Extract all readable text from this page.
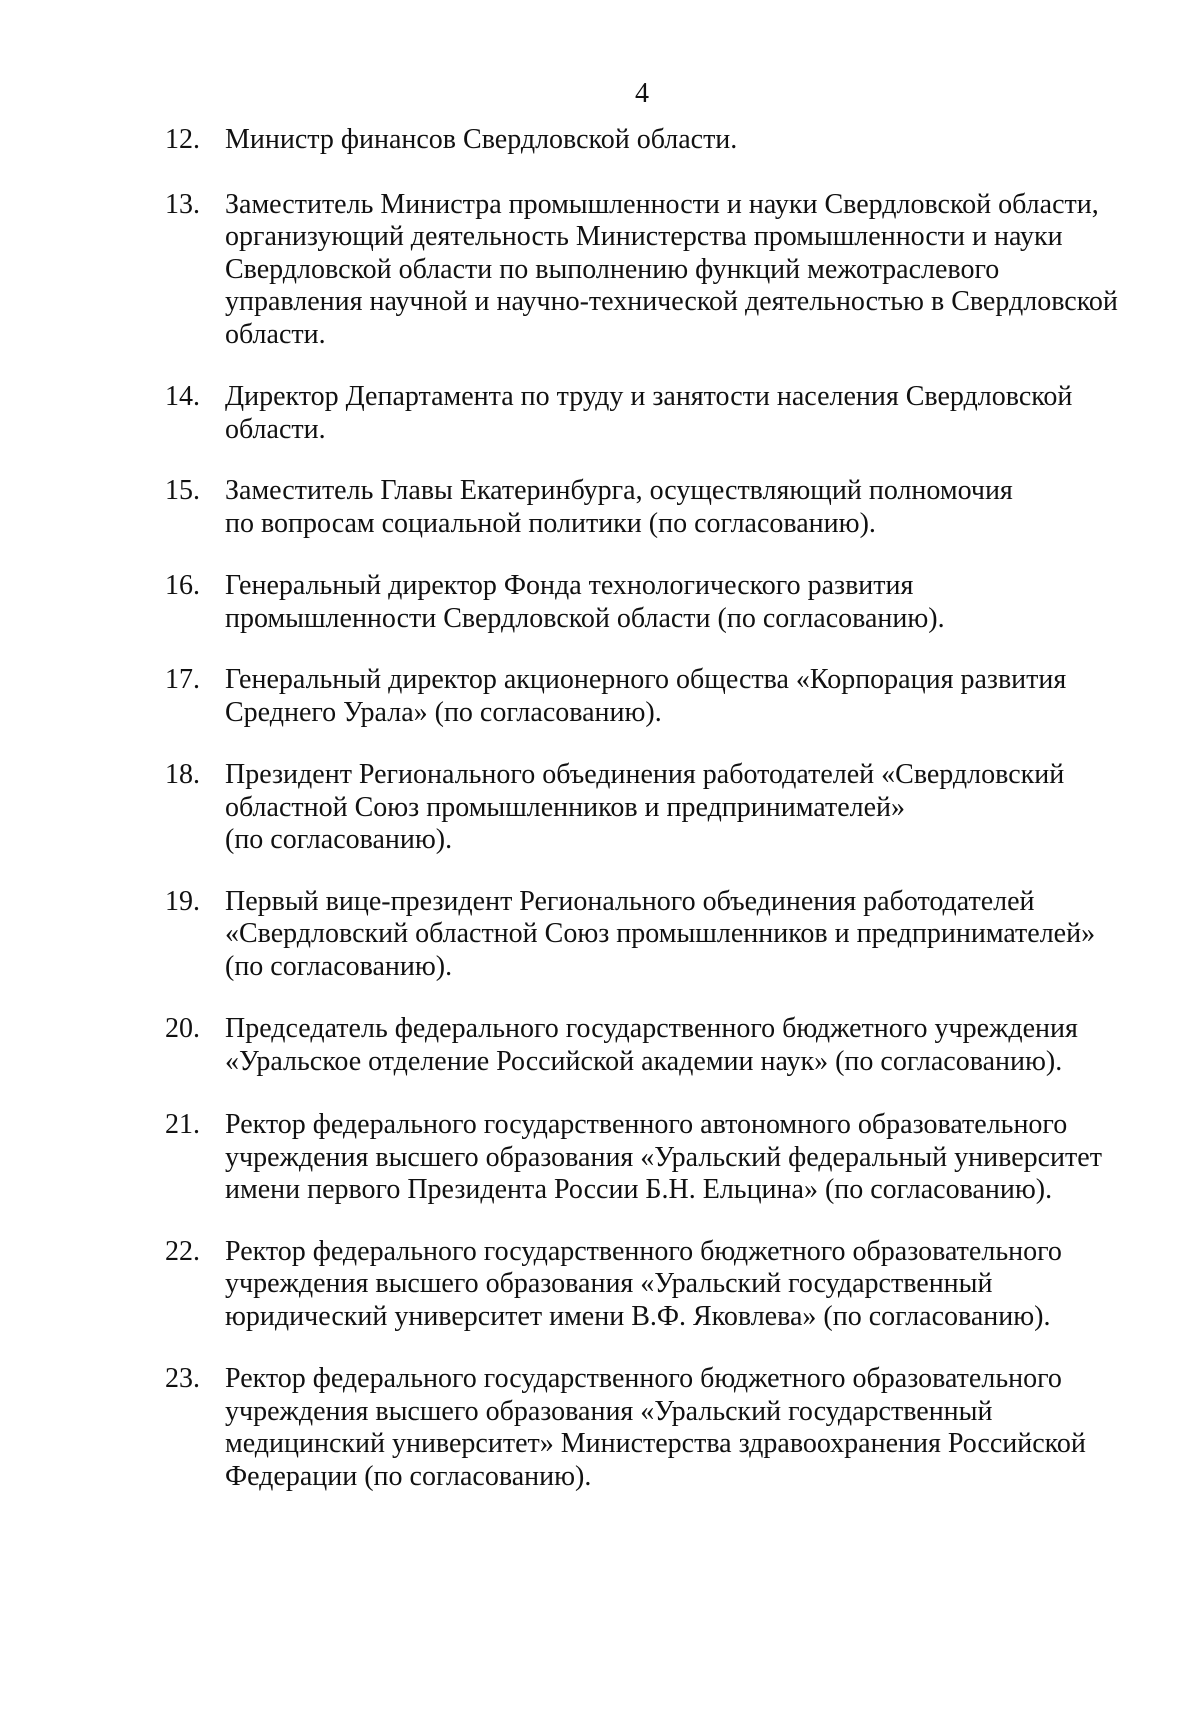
4
12. Министр финансов Свердловской области.
13. Заместитель Министра промышленности и науки Свердловской области,
организующий деятельность Министерства промышленности и науки
Свердловской области по выполнению функций межотраслевого
управления научной и научно-технической деятельностью в Свердловской
области.
14. Директор Департамента по труду и занятости населения Свердловской
области.
15. Заместитель Главы Екатеринбурга, осуществляющий полномочия
по вопросам социальной политики (по согласованию).
16. Генеральный директор Фонда технологического развития
промышленности Свердловской области (по согласованию).
17. Генеральный директор акционерного общества «Корпорация развития
Среднего Урала» (по согласованию).
18. Президент Регионального объединения работодателей «Свердловский
областной Союз промышленников и предпринимателей»
(по согласованию).
19. Первый вице-президент Регионального объединения работодателей
«Свердловский областной Союз промышленников и предпринимателей»
(по согласованию).
20. Председатель федерального государственного бюджетного учреждения
«Уральское отделение Российской академии наук» (по согласованию).
21. Ректор федерального государственного автономного образовательного
учреждения высшего образования «Уральский федеральный университет
имени первого Президента России Б.Н. Ельцина» (по согласованию).
22. Ректор федерального государственного бюджетного образовательного
учреждения высшего образования «Уральский государственный
юридический университет имени В.Ф. Яковлева» (по согласованию).
23. Ректор федерального государственного бюджетного образовательного
учреждения высшего образования «Уральский государственный
медицинский университет» Министерства здравоохранения Российской
Федерации (по согласованию).
